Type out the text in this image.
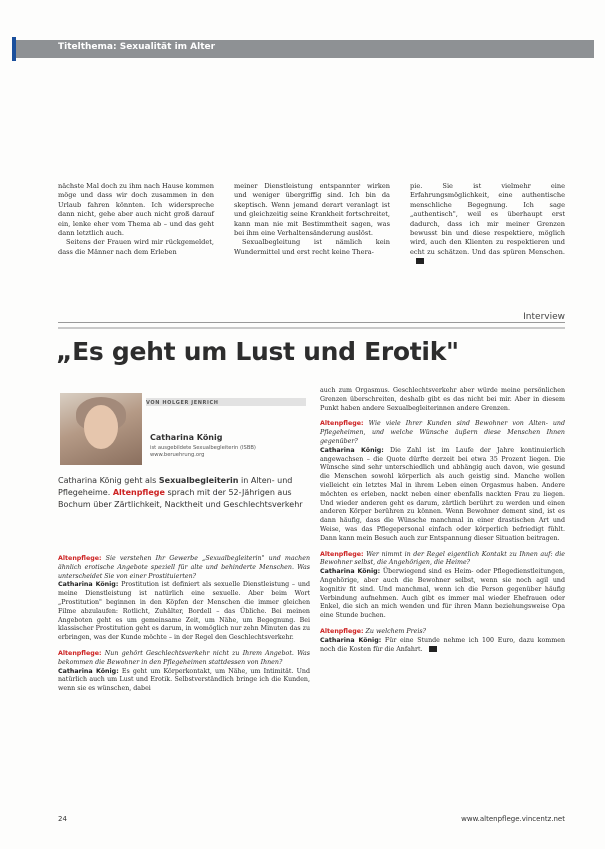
Titelthema: Sexualität im Alter

nächste Mal doch zu ihm nach Hause kommen möge und dass wir doch zusammen in den Urlaub fahren könnten. Ich widerspreche dann nicht, gehe aber auch nicht groß darauf ein, lenke eher vom Thema ab – und das geht dann letztlich auch.

Seitens der Frauen wird mir rückgemeldet, dass die Männer nach dem Erleben

meiner Dienstleistung entspannter wirken und weniger übergriffig sind. Ich bin da skeptisch. Wenn jemand derart veranlagt ist und gleichzeitig seine Krankheit fortschreitet, kann man nie mit Bestimmtheit sagen, was bei ihm eine Verhaltensänderung auslöst.

Sexualbegleitung ist nämlich kein Wundermittel und erst recht keine Thera-

pie. Sie ist vielmehr eine Erfahrungsmöglichkeit, eine authentische menschliche Begegnung. Ich sage „authentisch", weil es überhaupt erst dadurch, dass ich mir meiner Grenzen bewusst bin und diese respektiere, möglich wird, auch den Klienten zu respektieren und echt zu schätzen. Und das spüren Menschen.

Interview
„Es geht um Lust und Erotik"
VON HOLGER JENRICH
Catharina König
ist ausgebildete Sexualbegleiterin (ISBB) www.beruehrung.org
Catharina König geht als Sexualbegleiterin in Alten- und Pflegeheime. Altenpflege sprach mit der 52-Jährigen aus Bochum über Zärtlichkeit, Nacktheit und Geschlechtsverkehr

Altenpflege: Sie verstehen Ihr Gewerbe „Sexualbegleiterin" und machen ähnlich erotische Angebote speziell für alte und behinderte Menschen. Was unterscheidet Sie von einer Prostituierten?

Catharina König: Prostitution ist definiert als sexuelle Dienstleistung – und meine Dienstleistung ist natürlich eine sexuelle. Aber beim Wort „Prostitution" beginnen in den Köpfen der Menschen die immer gleichen Filme abzulaufen: Rotlicht, Zuhälter, Bordell – das Übliche. Bei meinen Angeboten geht es um gemeinsame Zeit, um Nähe, um Begegnung. Bei klassischer Prostitution geht es darum, in womöglich nur zehn Minuten das zu erbringen, was der Kunde möchte – in der Regel den Geschlechtsverkehr.

Altenpflege: Nun gehört Geschlechtsverkehr nicht zu Ihrem Angebot. Was bekommen die Bewohner in den Pflegeheimen stattdessen von Ihnen?

Catharina König: Es geht um Körperkontakt, um Nähe, um Intimität. Und natürlich auch um Lust und Erotik. Selbstverständlich bringe ich die Kunden, wenn sie es wünschen, dabei

auch zum Orgasmus. Geschlechtsverkehr aber würde meine persönlichen Grenzen überschreiten, deshalb gibt es das nicht bei mir. Aber in diesem Punkt haben andere Sexualbegleiterinnen andere Grenzen.

Altenpflege: Wie viele Ihrer Kunden sind Bewohner von Alten- und Pflegeheimen, und welche Wünsche äußern diese Menschen Ihnen gegenüber?

Catharina König: Die Zahl ist im Laufe der Jahre kontinuierlich angewachsen – die Quote dürfte derzeit bei etwa 35 Prozent liegen. Die Wünsche sind sehr unterschiedlich und abhängig auch davon, wie gesund die Menschen sowohl körperlich als auch geistig sind. Manche wollen vielleicht ein letztes Mal in ihrem Leben einen Orgasmus haben. Andere möchten es erleben, nackt neben einer ebenfalls nackten Frau zu liegen. Und wieder anderen geht es darum, zärtlich berührt zu werden und einen anderen Körper berühren zu können. Wenn Bewohner dement sind, ist es dann häufig, dass die Wünsche manchmal in einer drastischen Art und Weise, was das Pflegepersonal einfach oder körperlich befriedigt fühlt. Dann kann mein Besuch auch zur Entspannung dieser Situation beitragen.

Altenpflege: Wer nimmt in der Regel eigentlich Kontakt zu Ihnen auf: die Bewohner selbst, die Angehörigen, die Heime?

Catharina König: Überwiegend sind es Heim- oder Pflegedienstleitungen, Angehörige, aber auch die Bewohner selbst, wenn sie noch agil und kognitiv fit sind. Und manchmal, wenn ich die Person gegenüber häufig Verbindung aufnehmen. Auch gibt es immer mal wieder Ehefrauen oder Enkel, die sich an mich wenden und für ihren Mann beziehungsweise Opa eine Stunde buchen.

Altenpflege: Zu welchem Preis?

Catharina König: Für eine Stunde nehme ich 100 Euro, dazu kommen noch die Kosten für die Anfahrt.

24	www.altenpflege.vincentz.net
